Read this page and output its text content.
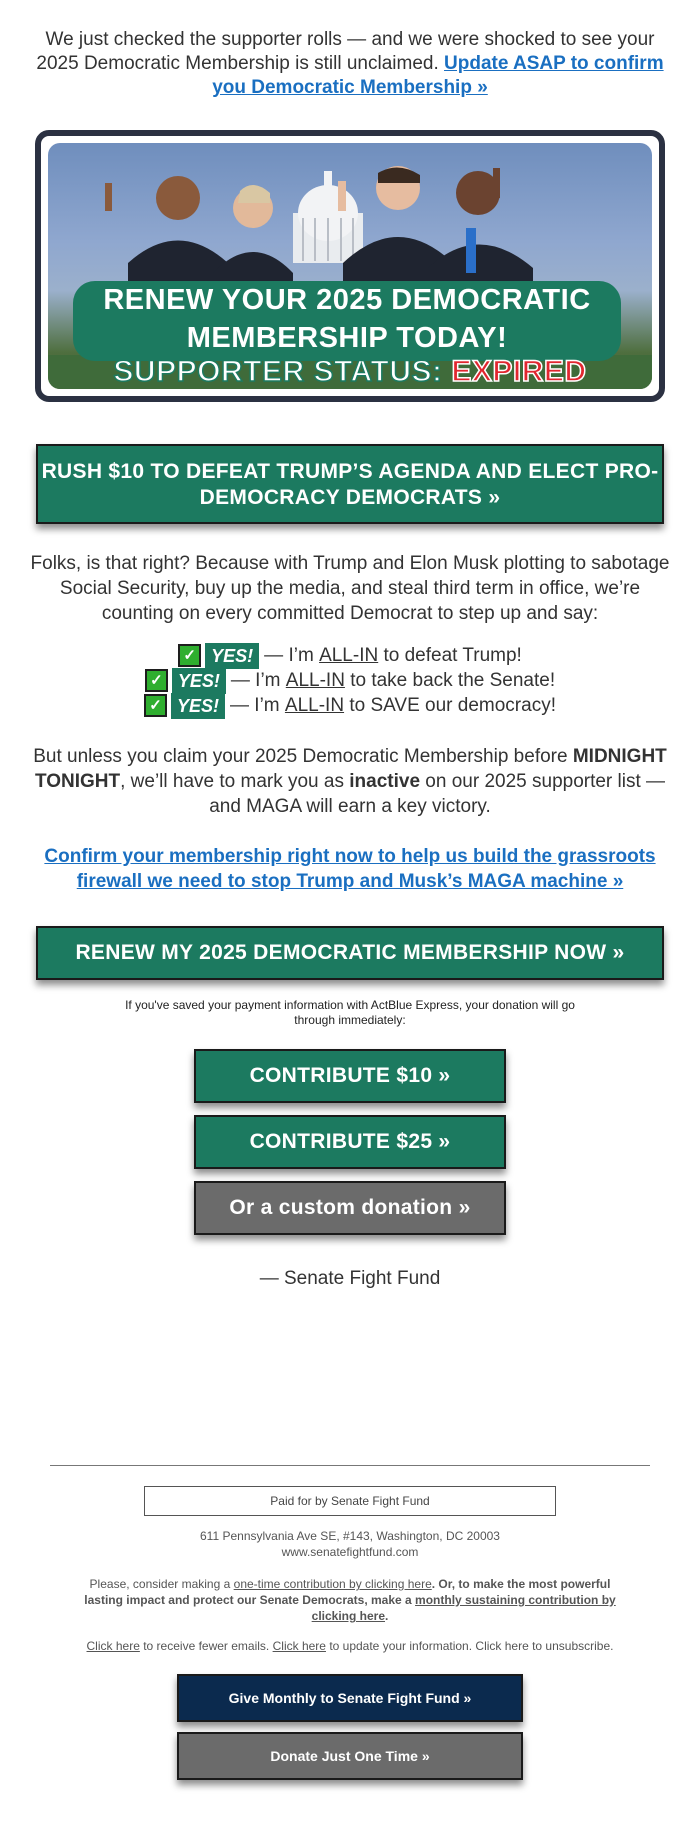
We just checked the supporter rolls — and we were shocked to see your 2025 Democratic Membership is still unclaimed. Update ASAP to confirm you Democratic Membership »
RENEW YOUR 2025 DEMOCRATIC
MEMBERSHIP TODAY!
SUPPORTER STATUS: EXPIRED
RUSH $10 TO DEFEAT TRUMP’S AGENDA AND ELECT PRO-DEMOCRACY DEMOCRATS »

Folks, is that right? Because with Trump and Elon Musk plotting to sabotage Social Security, buy up the media, and steal third term in office, we’re counting on every committed Democrat to step up and say:

✓ YES! — I’m
ALL-IN
to defeat Trump!
✓ YES! — I’m
ALL-IN
to take back the Senate!
✓ YES! — I’m
ALL-IN
to SAVE our democracy!

But unless you claim your 2025 Democratic Membership before MIDNIGHT TONIGHT, we’ll have to mark you as inactive on our 2025 supporter list — and MAGA will earn a key victory.

Confirm your membership right now to help us build the grassroots firewall we need to stop Trump and Musk’s MAGA machine »

RENEW MY 2025 DEMOCRATIC MEMBERSHIP NOW »

If you've saved your payment information with ActBlue Express, your donation will go through immediately:

CONTRIBUTE $10 »
CONTRIBUTE $25 »
Or a custom donation »
— Senate Fight Fund
Paid for by Senate Fight Fund
611 Pennsylvania Ave SE, #143, Washington, DC 20003
www.senatefightfund.com
Please, consider making a one-time contribution by clicking here. Or, to make the most powerful lasting impact and protect our Senate Democrats, make a monthly sustaining contribution by clicking here.
Click here to receive fewer emails. Click here to update your information. Click here to unsubscribe.
Give Monthly to Senate Fight Fund »
Donate Just One Time »
